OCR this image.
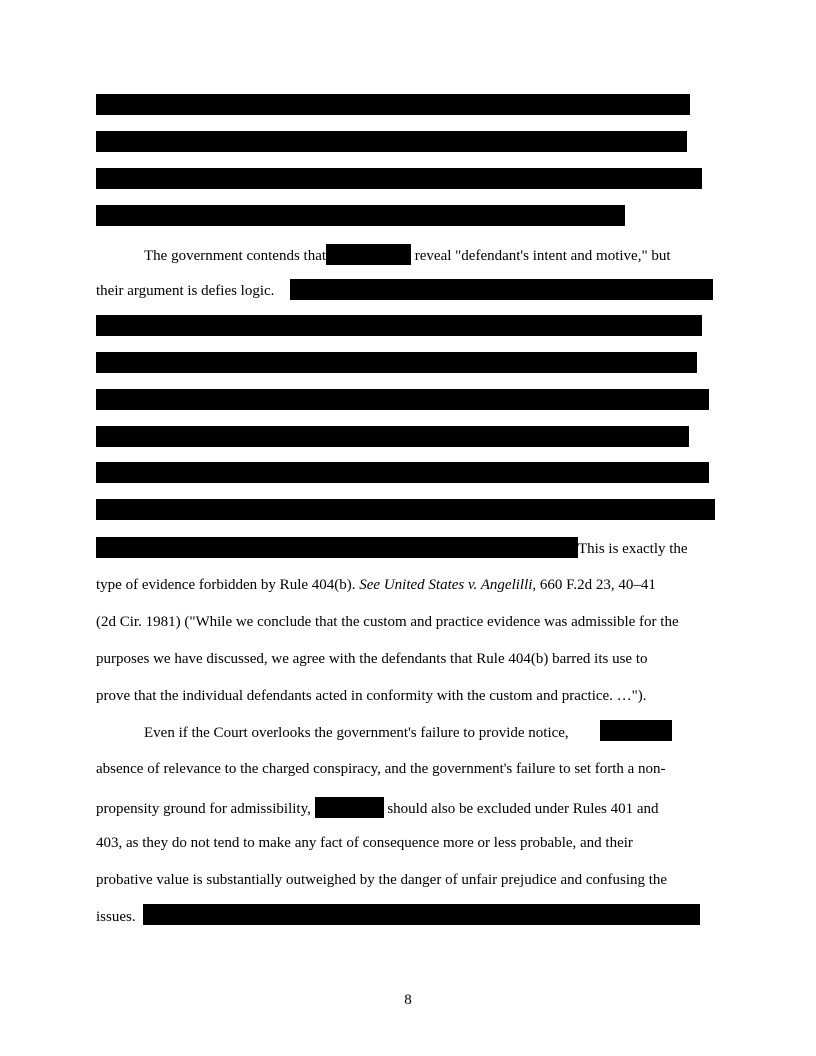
The government contends that	reveal "defendant's intent and motive," but
their argument is defies logic.
This is exactly the
type of evidence forbidden by Rule 404(b). See United States v. Angelilli, 660 F.2d 23, 40–41
(2d Cir. 1981) ("While we conclude that the custom and practice evidence was admissible for the
purposes we have discussed, we agree with the defendants that Rule 404(b) barred its use to
prove that the individual defendants acted in conformity with the custom and practice. …").
Even if the Court overlooks the government's failure to provide notice,
absence of relevance to the charged conspiracy, and the government's failure to set forth a non-
propensity ground for admissibility,	should also be excluded under Rules 401 and
403, as they do not tend to make any fact of consequence more or less probable, and their
probative value is substantially outweighed by the danger of unfair prejudice and confusing the
issues.
8
